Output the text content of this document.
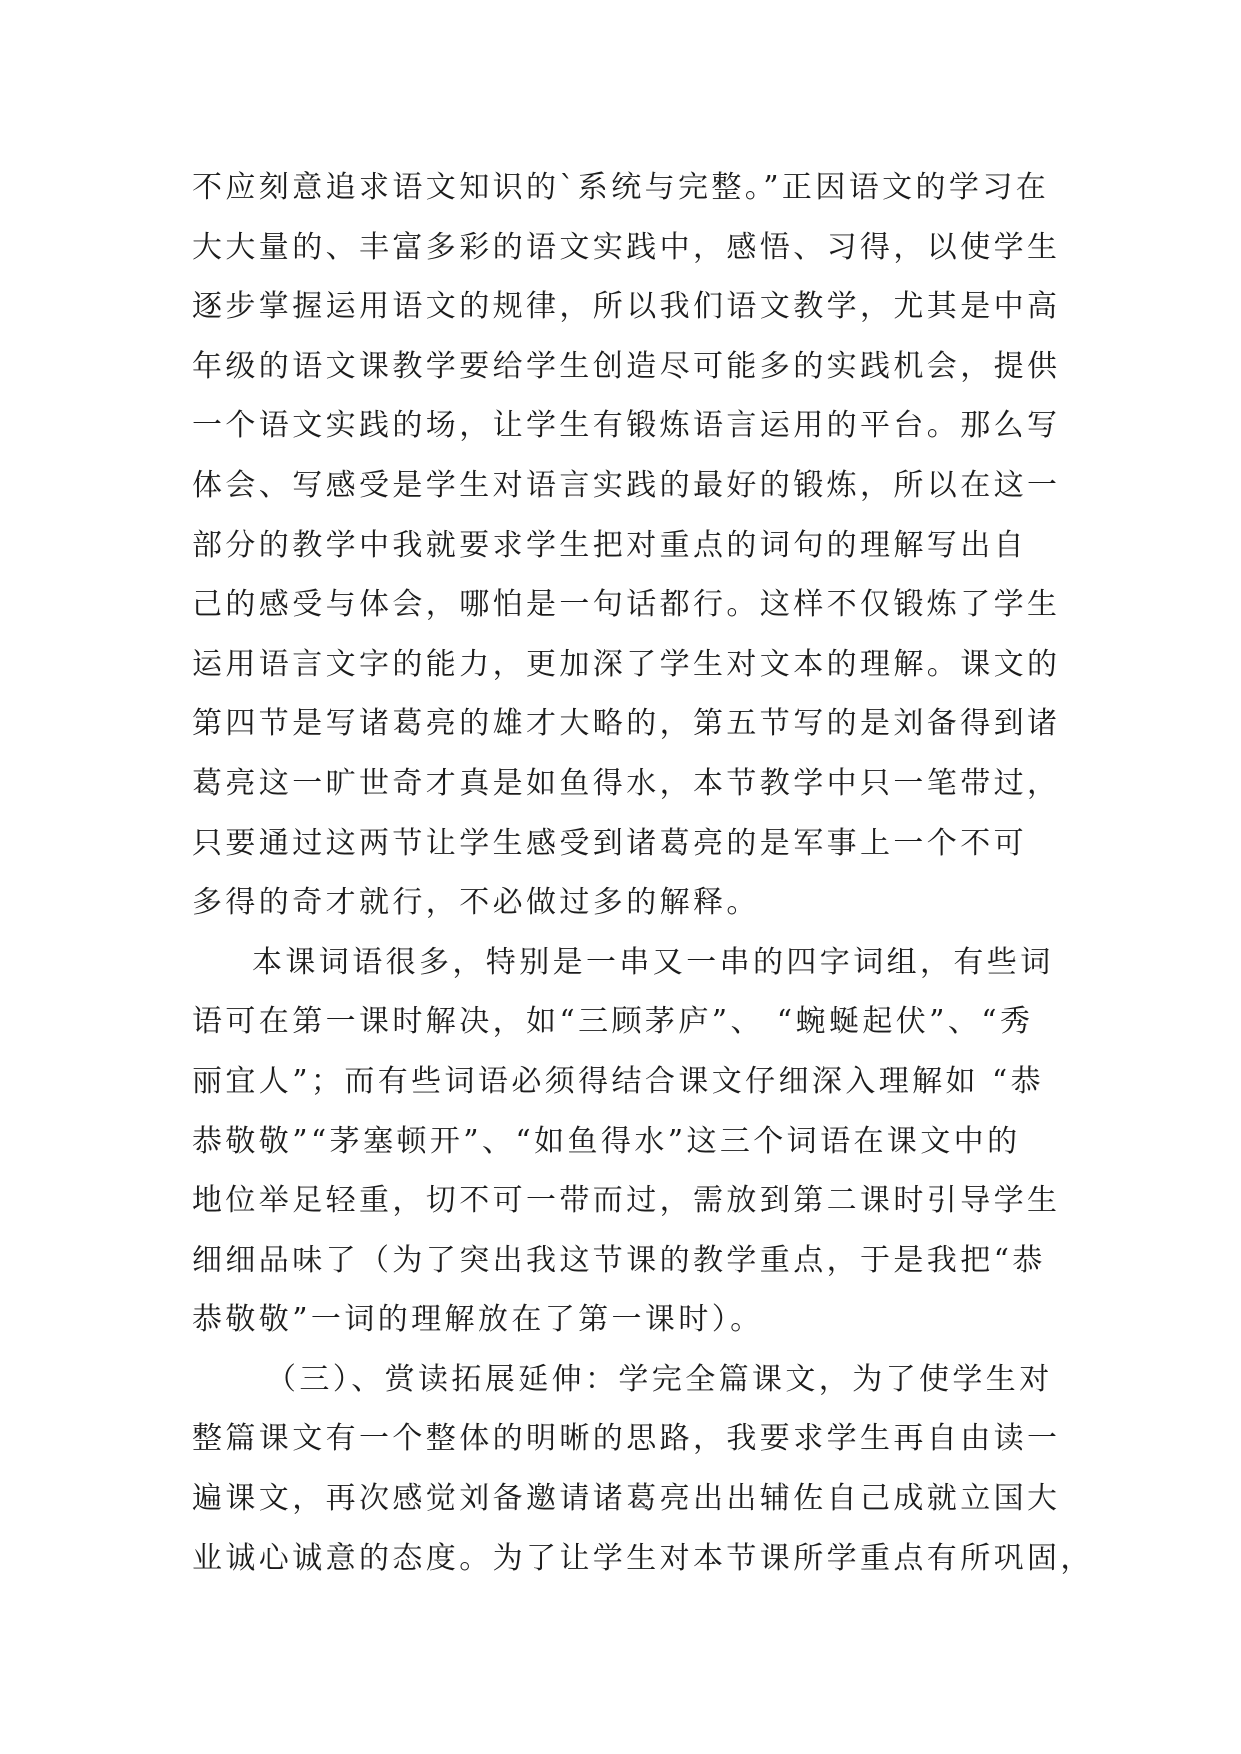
不应刻意追求语文知识的`系统与完整。”正因语文的学习在
大大量的、丰富多彩的语文实践中，感悟、习得，以使学生
逐步掌握运用语文的规律，所以我们语文教学，尤其是中高
年级的语文课教学要给学生创造尽可能多的实践机会，提供
一个语文实践的场，让学生有锻炼语言运用的平台。那么写
体会、写感受是学生对语言实践的最好的锻炼，所以在这一
部分的教学中我就要求学生把对重点的词句的理解写出自
己的感受与体会，哪怕是一句话都行。这样不仅锻炼了学生
运用语言文字的能力，更加深了学生对文本的理解。课文的
第四节是写诸葛亮的雄才大略的，第五节写的是刘备得到诸
葛亮这一旷世奇才真是如鱼得水，本节教学中只一笔带过，
只要通过这两节让学生感受到诸葛亮的是军事上一个不可
多得的奇才就行，不必做过多的解释。
本课词语很多，特别是一串又一串的四字词组，有些词
语可在第一课时解决，如“三顾茅庐”、 “蜿蜒起伏”、“秀
丽宜人”；而有些词语必须得结合课文仔细深入理解如 “恭
恭敬敬”“茅塞顿开”、“如鱼得水”这三个词语在课文中的
地位举足轻重，切不可一带而过，需放到第二课时引导学生
细细品味了（为了突出我这节课的教学重点，于是我把“恭
恭敬敬”一词的理解放在了第一课时）。
（三）、赏读拓展延伸：学完全篇课文，为了使学生对
整篇课文有一个整体的明晰的思路，我要求学生再自由读一
遍课文，再次感觉刘备邀请诸葛亮出出辅佐自己成就立国大
业诚心诚意的态度。为了让学生对本节课所学重点有所巩固，
